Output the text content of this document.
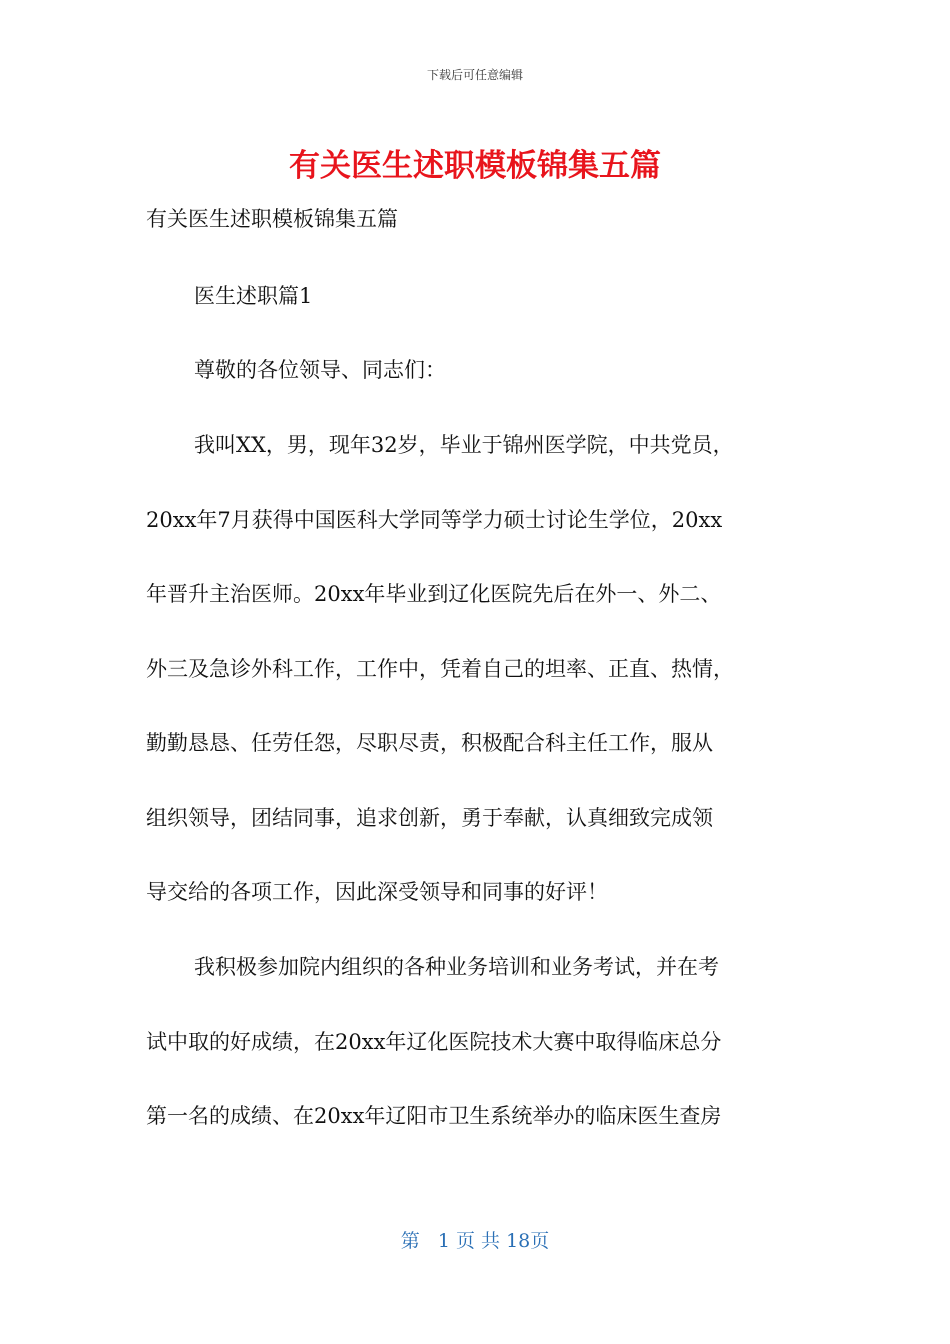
下载后可任意编辑
有关医生述职模板锦集五篇

有关医生述职模板锦集五篇

医生述职篇1

尊敬的各位领导、同志们：

我叫XX，男，现年32岁，毕业于锦州医学院，中共党员，

20xx年7月获得中国医科大学同等学力硕士讨论生学位，20xx

年晋升主治医师。20xx年毕业到辽化医院先后在外一、外二、

外三及急诊外科工作，工作中，凭着自己的坦率、正直、热情，

勤勤恳恳、任劳任怨，尽职尽责，积极配合科主任工作，服从

组织领导，团结同事，追求创新，勇于奉献，认真细致完成领

导交给的各项工作，因此深受领导和同事的好评！

我积极参加院内组织的各种业务培训和业务考试，并在考

试中取的好成绩，在20xx年辽化医院技术大赛中取得临床总分

第一名的成绩、在20xx年辽阳市卫生系统举办的临床医生查房

第 1 页 共 18页
